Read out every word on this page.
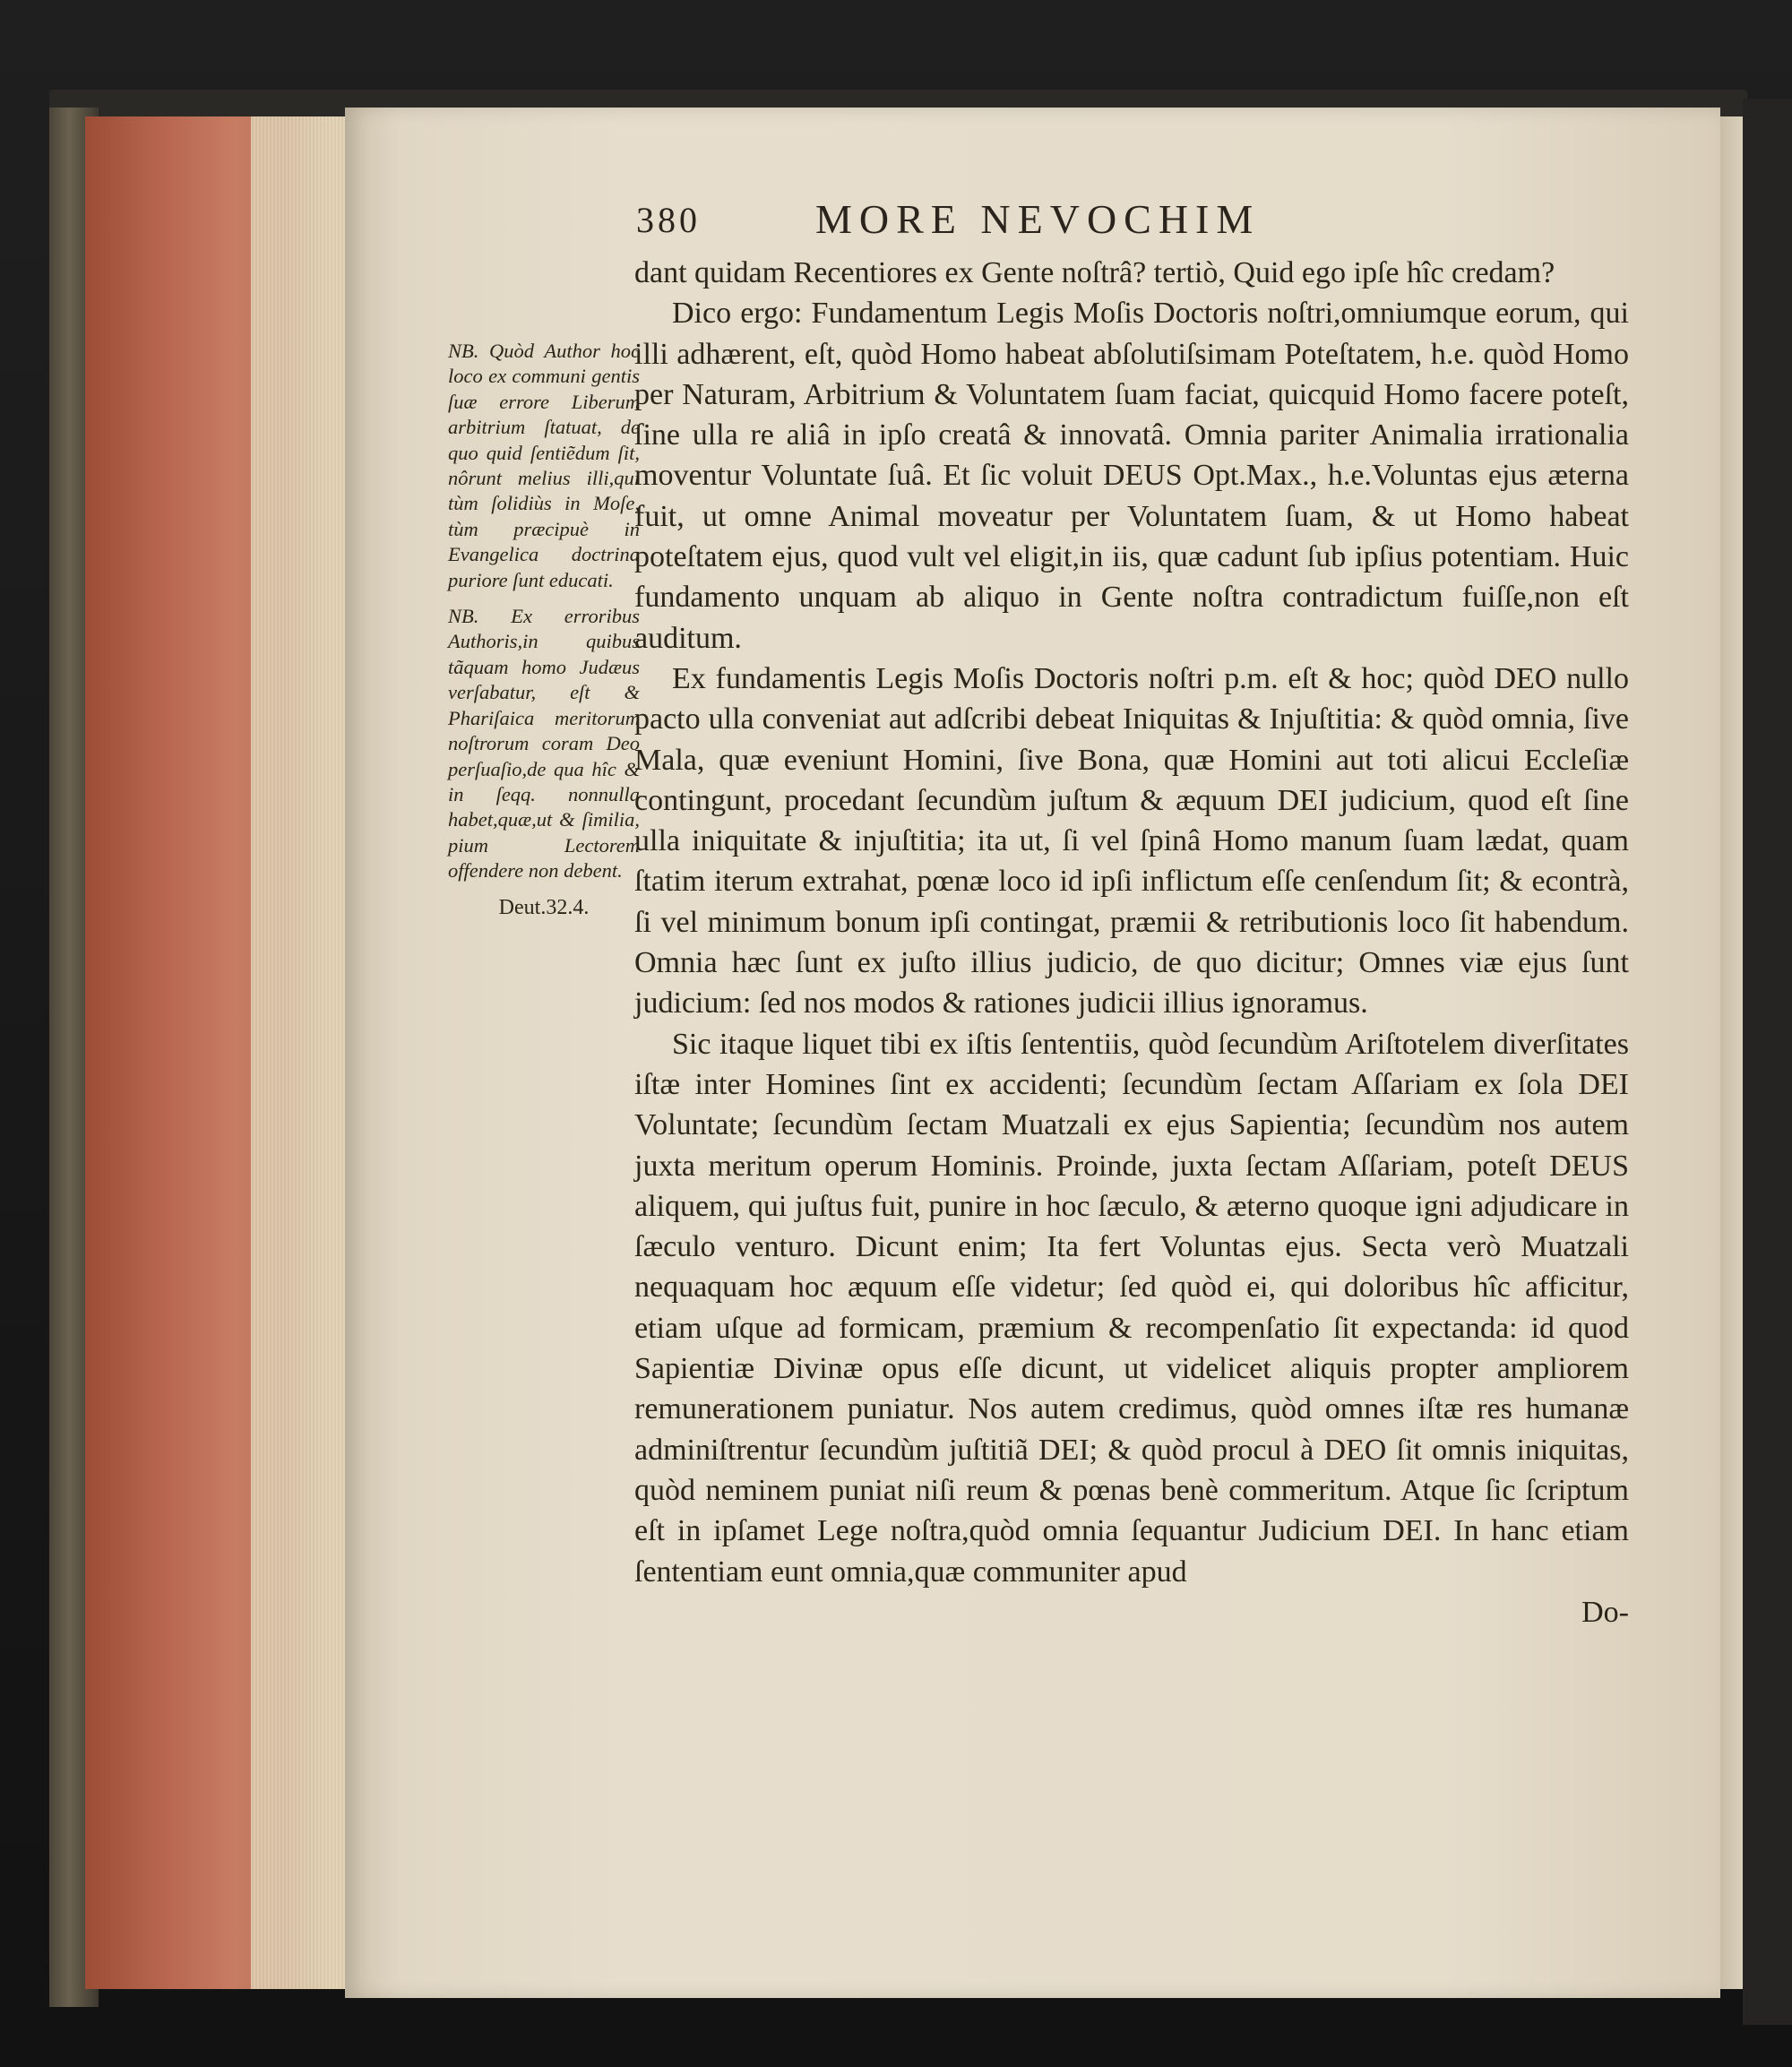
380	MORE NEVOCHIM

NB. Quòd Author hoc loco ex communi gentis ſuæ errore Liberum arbitrium ſtatuat, de quo quid ſentiẽdum ſit, nôrunt melius illi,qui tùm ſolidiùs in Moſe, tùm præcipuè in Evangelica doctrina puriore ſunt educati.

NB. Ex erroribus Authoris,in quibus tãquam homo Judæus verſabatur, eſt & Phariſaica meritorum noſtrorum coram Deo perſuaſio,de qua hîc & in ſeqq. nonnulla habet,quæ,ut & ſimilia, pium Lectorem offendere non debent.

Deut.32.4.

dant quidam Recentiores ex Gente noſtrâ? tertiò, Quid ego ipſe hîc credam?

Dico ergo: Fundamentum Legis Moſis Doctoris noſtri,omniumque eorum, qui illi adhærent, eſt, quòd Homo habeat abſolutiſsimam Poteſtatem, h.e. quòd Homo per Naturam, Arbitrium & Voluntatem ſuam faciat, quicquid Homo facere poteſt, ſine ulla re aliâ in ipſo creatâ & innovatâ. Omnia pariter Animalia irrationalia moventur Voluntate ſuâ. Et ſic voluit DEUS Opt.Max., h.e.Voluntas ejus æterna fuit, ut omne Animal moveatur per Voluntatem ſuam, & ut Homo habeat poteſtatem ejus, quod vult vel eligit,in iis, quæ cadunt ſub ipſius potentiam. Huic fundamento unquam ab aliquo in Gente noſtra contradictum fuiſſe,non eſt auditum.

Ex fundamentis Legis Moſis Doctoris noſtri p.m. eſt & hoc; quòd DEO nullo pacto ulla conveniat aut adſcribi debeat Iniquitas & Injuſtitia: & quòd omnia, ſive Mala, quæ eveniunt Homini, ſive Bona, quæ Homini aut toti alicui Eccleſiæ contingunt, procedant ſecundùm juſtum & æquum DEI judicium, quod eſt ſine ulla iniquitate & injuſtitia; ita ut, ſi vel ſpinâ Homo manum ſuam lædat, quam ſtatim iterum extrahat, pœnæ loco id ipſi inflictum eſſe cenſendum ſit; & econtrà, ſi vel minimum bonum ipſi contingat, præmii & retributionis loco ſit habendum. Omnia hæc ſunt ex juſto illius judicio, de quo dicitur; Omnes viæ ejus ſunt judicium: ſed nos modos & rationes judicii illius ignoramus.

Sic itaque liquet tibi ex iſtis ſententiis, quòd ſecundùm Ariſtotelem diverſitates iſtæ inter Homines ſint ex accidenti; ſecundùm ſectam Aſſariam ex ſola DEI Voluntate; ſecundùm ſectam Muatzali ex ejus Sapientia; ſecundùm nos autem juxta meritum operum Hominis. Proinde, juxta ſectam Aſſariam, poteſt DEUS aliquem, qui juſtus fuit, punire in hoc ſæculo, & æterno quoque igni adjudicare in ſæculo venturo. Dicunt enim; Ita fert Voluntas ejus. Secta verò Muatzali nequaquam hoc æquum eſſe videtur; ſed quòd ei, qui doloribus hîc afficitur, etiam uſque ad formicam, præmium & recompenſatio ſit expectanda: id quod Sapientiæ Divinæ opus eſſe dicunt, ut videlicet aliquis propter ampliorem remunerationem puniatur. Nos autem credimus, quòd omnes iſtæ res humanæ adminiſtrentur ſecundùm juſtitiã DEI; & quòd procul à DEO ſit omnis iniquitas, quòd neminem puniat niſi reum & pœnas benè commeritum. Atque ſic ſcriptum eſt in ipſamet Lege noſtra,quòd omnia ſequantur Judicium DEI. In hanc etiam ſententiam eunt omnia,quæ communiter apud

Do-
